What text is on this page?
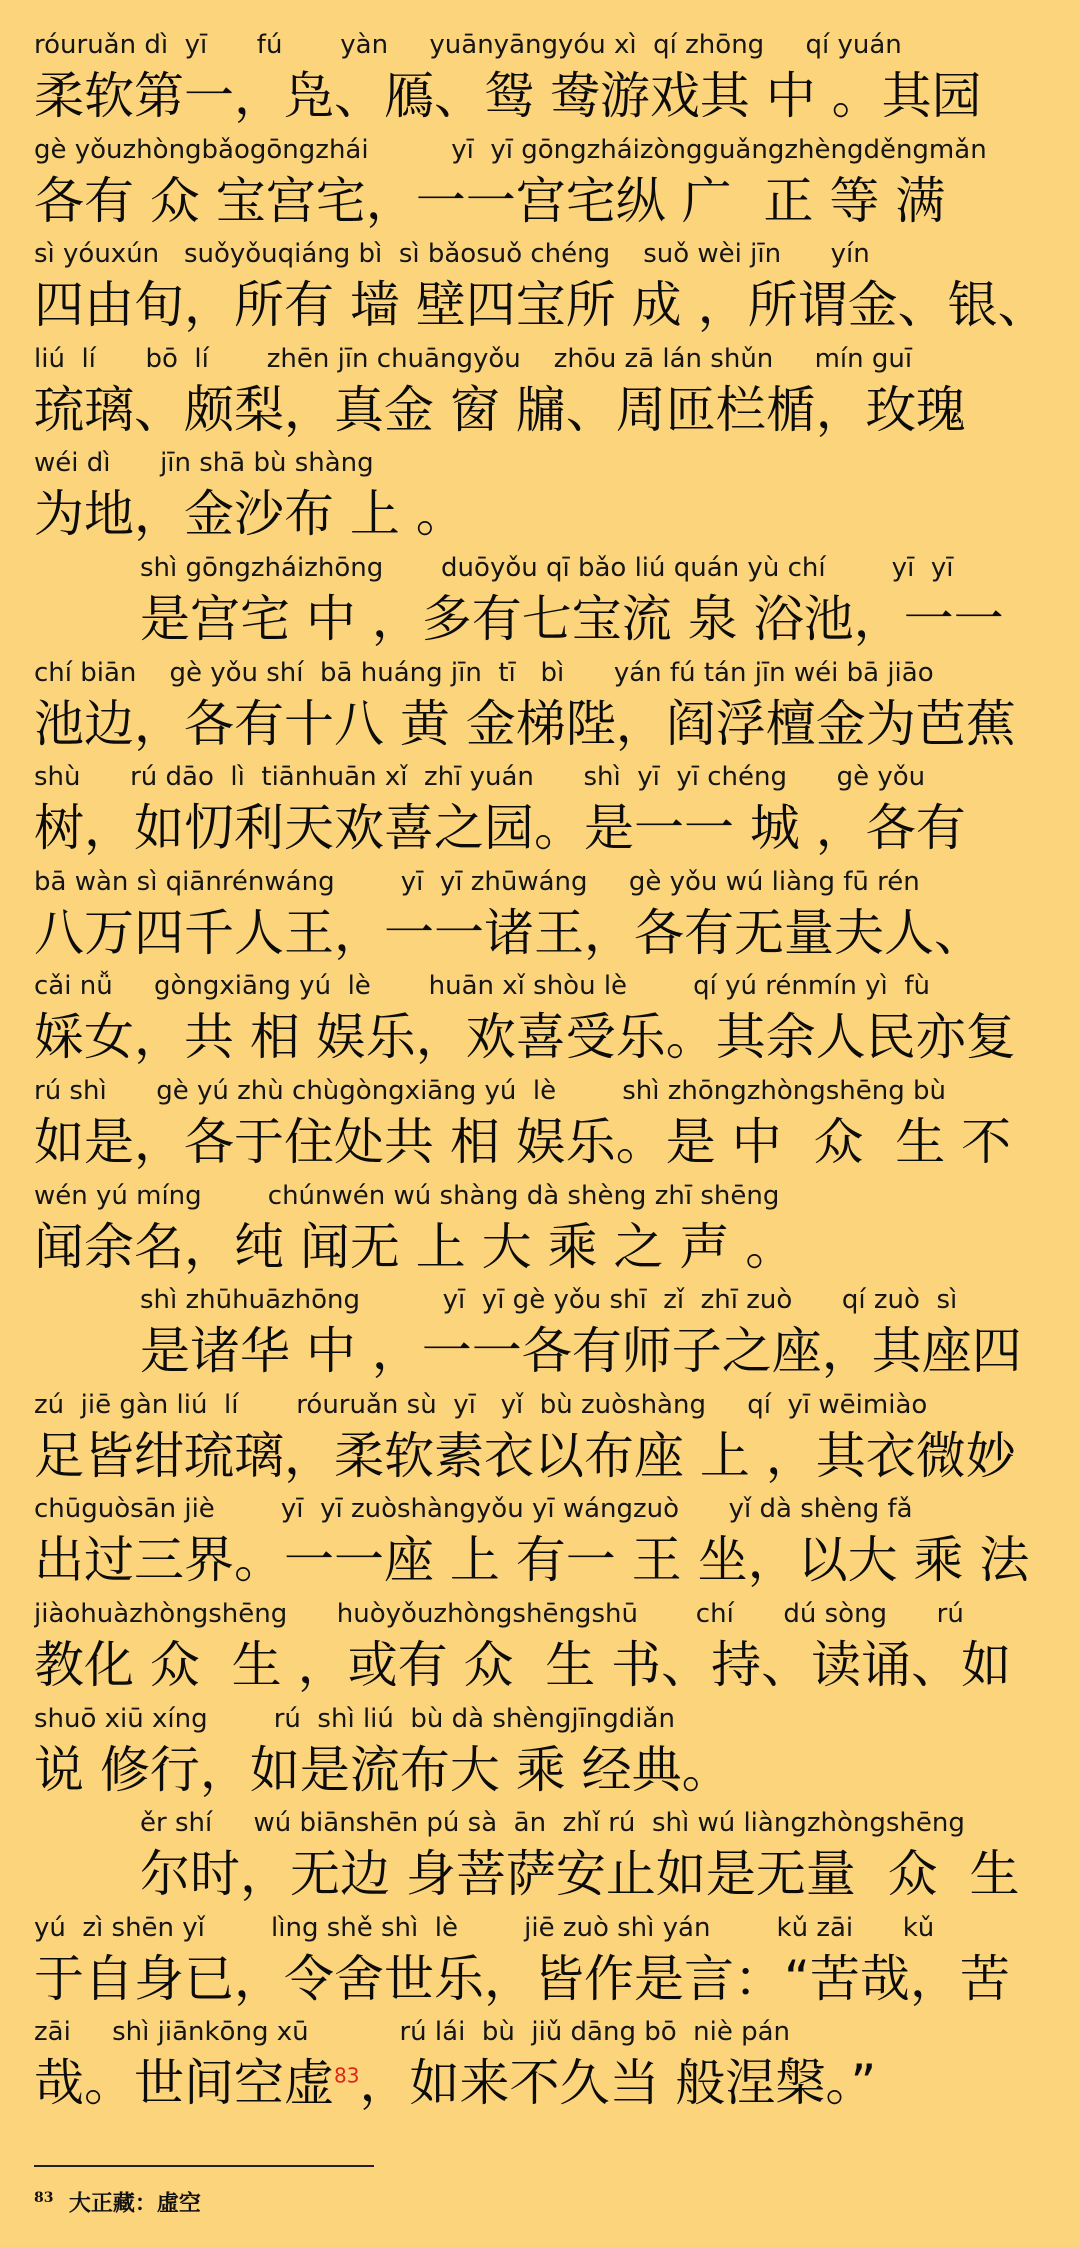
róuruǎn dì  yī      fú       yàn     yuānyāngyóu xì  qí zhōng     qí yuán
柔软第一，凫、鴈、鸳 鸯游戏其 中 。其园
gè yǒuzhòngbǎogōngzhái          yī  yī gōngzháizòngguǎngzhèngděngmǎn
各有 众 宝宫宅，一一宫宅纵 广  正 等 满
sì yóuxún   suǒyǒuqiáng bì  sì bǎosuǒ chéng    suǒ wèi jīn      yín
四由旬，所有 墙 壁四宝所 成 ，所谓金、银、
liú  lí      bō  lí       zhēn jīn chuāngyǒu    zhōu zā lán shǔn     mín guī
琉璃、颇梨，真金 窗 牖、周匝栏楯，玫瑰
wéi dì      jīn shā bù shàng
为地，金沙布 上 。
shì gōngzháizhōng       duōyǒu qī bǎo liú quán yù chí        yī  yī
是宫宅 中 ，多有七宝流 泉 浴池，一一
chí biān    gè yǒu shí  bā huáng jīn  tī   bì      yán fú tán jīn wéi bā jiāo
池边，各有十八 黄 金梯陛，阎浮檀金为芭蕉
shù      rú dāo  lì  tiānhuān xǐ  zhī yuán      shì  yī  yī chéng      gè yǒu
树，如忉利天欢喜之园。是一一 城 ，各有
bā wàn sì qiānrénwáng        yī  yī zhūwáng     gè yǒu wú liàng fū rén
八万四千人王，一一诸王，各有无量夫人、
cǎi nǚ     gòngxiāng yú  lè       huān xǐ shòu lè        qí yú rénmín yì  fù
婇女，共 相 娱乐，欢喜受乐。其余人民亦复
rú shì      gè yú zhù chùgòngxiāng yú  lè        shì zhōngzhòngshēng bù
如是，各于住处共 相 娱乐。是 中  众  生 不
wén yú míng        chúnwén wú shàng dà shèng zhī shēng
闻余名，纯 闻无 上 大 乘 之 声 。
shì zhūhuāzhōng          yī  yī gè yǒu shī  zǐ  zhī zuò      qí zuò  sì
是诸华 中 ，一一各有师子之座，其座四
zú  jiē gàn liú  lí       róuruǎn sù  yī   yǐ  bù zuòshàng     qí  yī wēimiào
足皆绀琉璃，柔软素衣以布座 上 ，其衣微妙
chūguòsān jiè        yī  yī zuòshàngyǒu yī wángzuò      yǐ dà shèng fǎ
出过三界。一一座 上 有一 王 坐，以大 乘 法
jiàohuàzhòngshēng      huòyǒuzhòngshēngshū       chí      dú sòng      rú
教化 众  生 ，或有 众  生 书、持、读诵、如
shuō xiū xíng        rú  shì liú  bù dà shèngjīngdiǎn
说 修行，如是流布大 乘 经典。
ěr shí     wú biānshēn pú sà  ān  zhǐ rú  shì wú liàngzhòngshēng
尔时，无边 身菩萨安止如是无量  众  生
yú  zì shēn yǐ        lìng shě shì  lè        jiē zuò shì yán        kǔ zāi      kǔ
于自身已，令舍世乐，皆作是言：“苦哉，苦
zāi     shì jiānkōng xū           rú lái  bù  jiǔ dāng bō  niè pán
哉。世间空虚$^{83}$，如来不久当 般涅槃。”
$^{83}$ 大正藏：虛空
